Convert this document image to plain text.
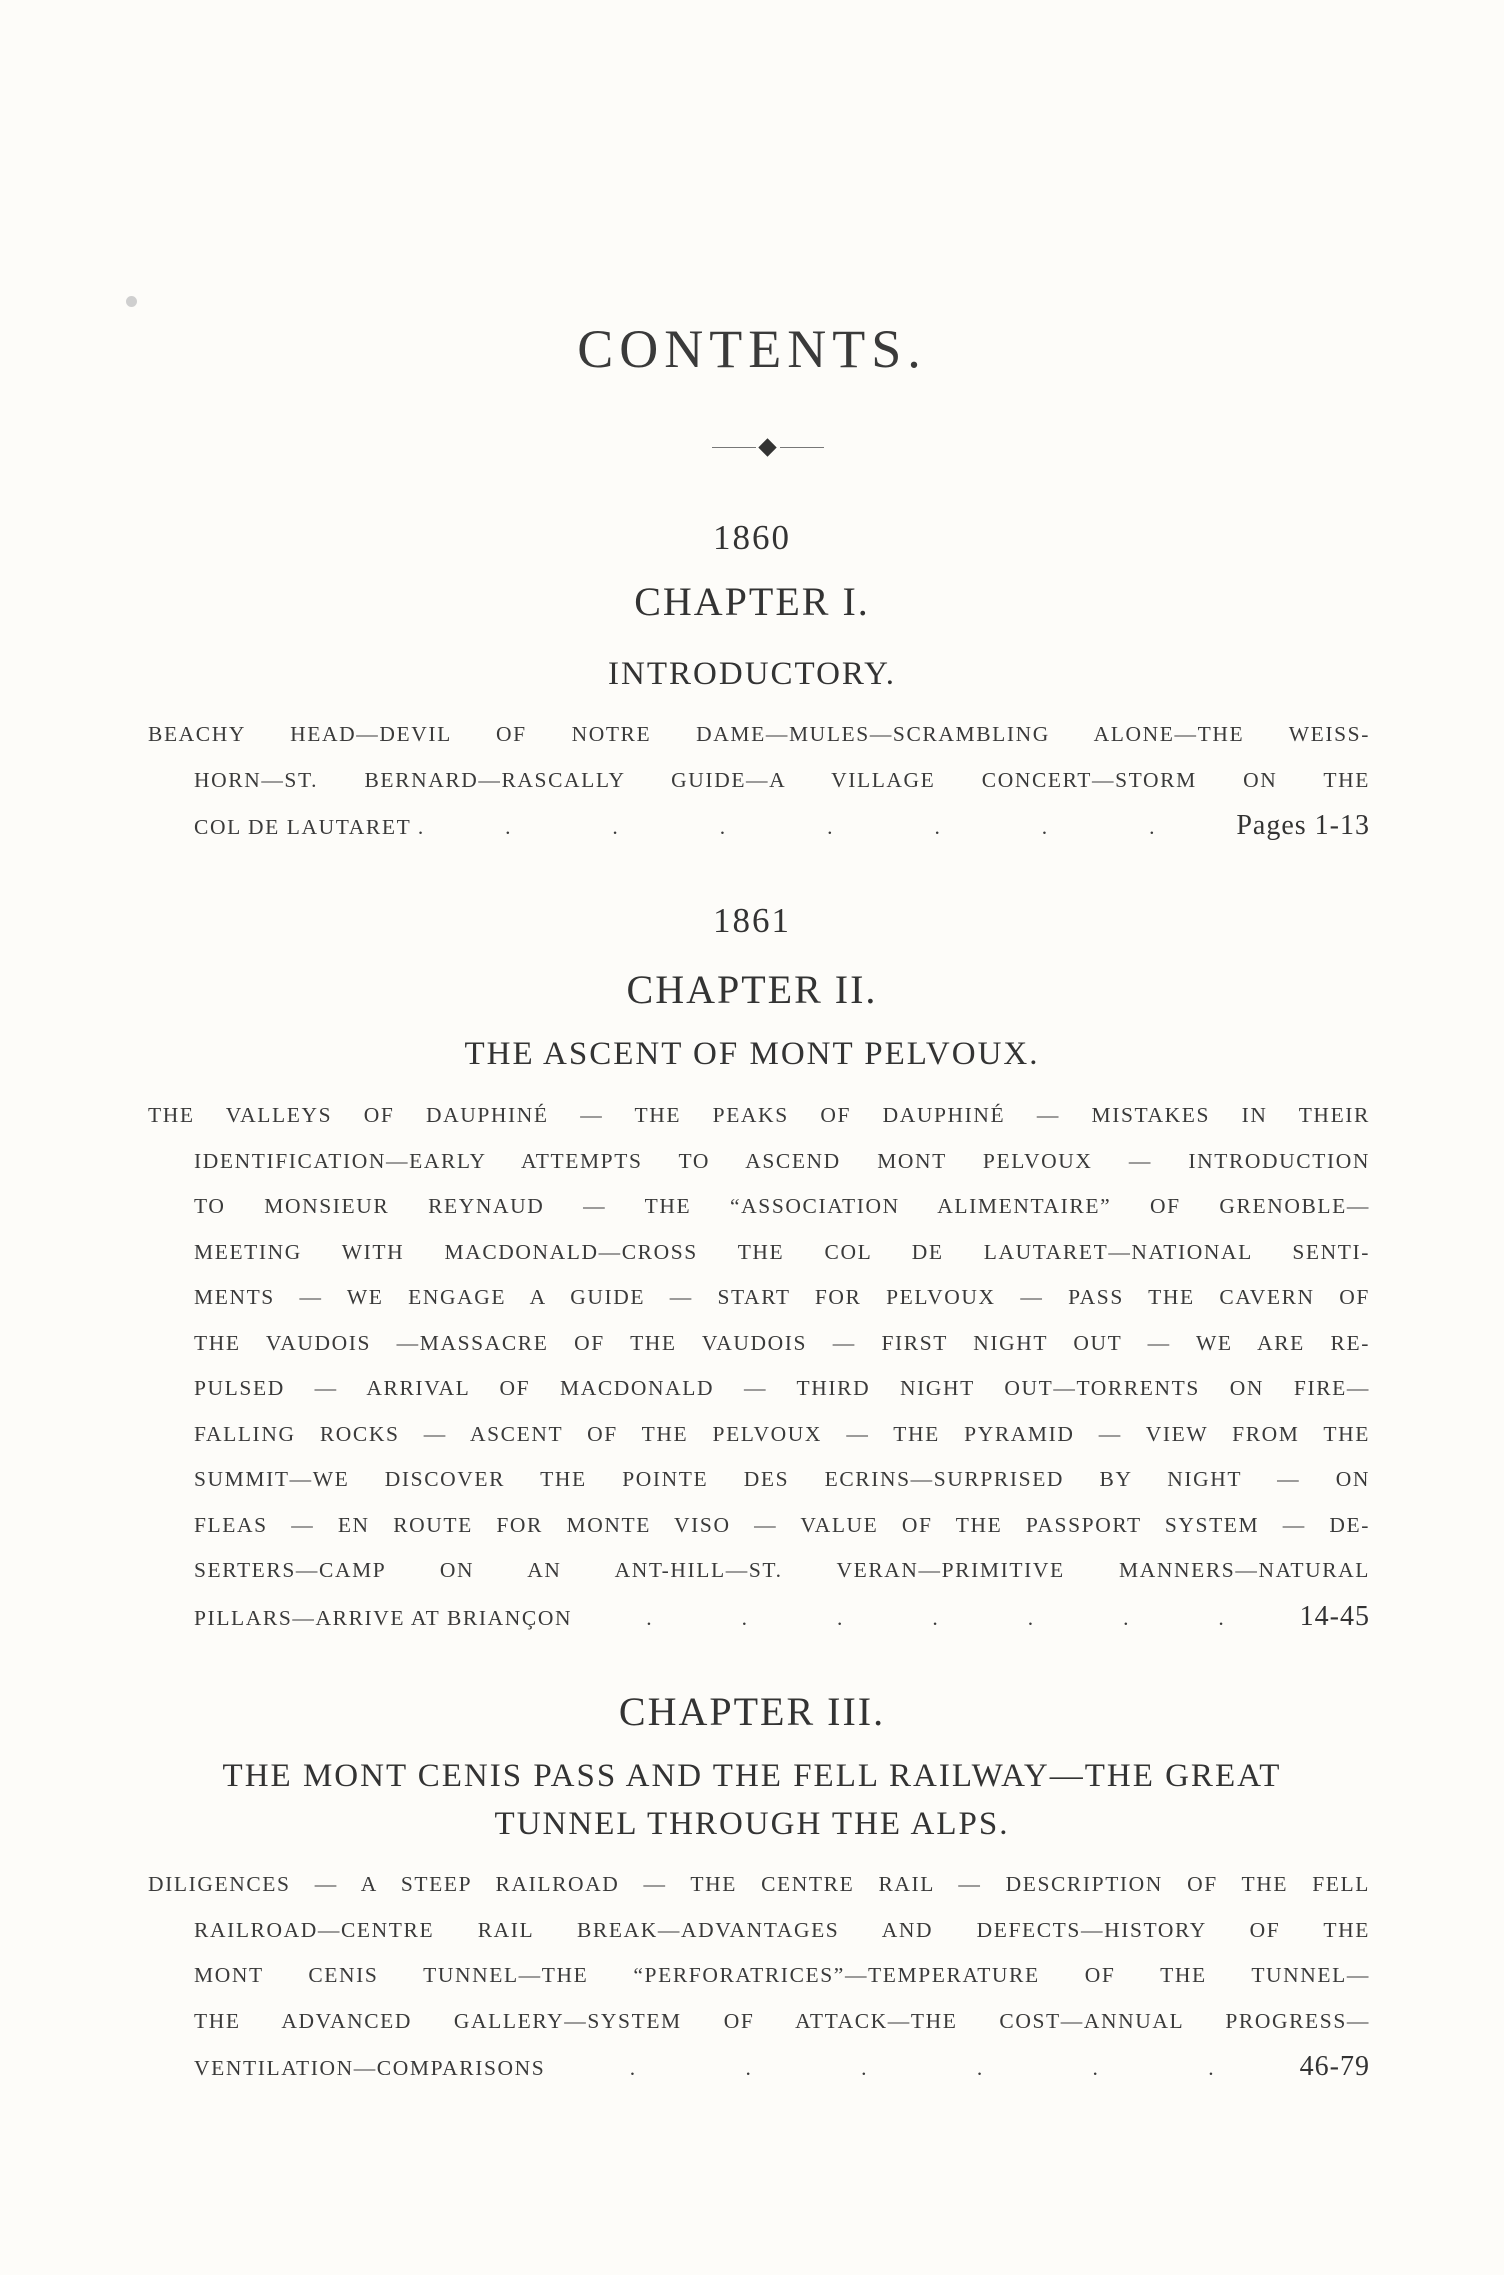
CONTENTS.
1860
CHAPTER I.
INTRODUCTORY.
BEACHY HEAD—DEVIL OF NOTRE DAME—MULES—SCRAMBLING ALONE—THE WEISS-
HORN—ST. BERNARD—RASCALLY GUIDE—A VILLAGE CONCERT—STORM ON THE
COL DE LAUTARET .	.	.	.	.	.	.	.	Pages 1-13
1861
CHAPTER II.
THE ASCENT OF MONT PELVOUX.
THE VALLEYS OF DAUPHINÉ — THE PEAKS OF DAUPHINÉ — MISTAKES IN THEIR
IDENTIFICATION—EARLY ATTEMPTS TO ASCEND MONT PELVOUX — INTRODUCTION
TO MONSIEUR REYNAUD — THE “ASSOCIATION ALIMENTAIRE” OF GRENOBLE—
MEETING WITH MACDONALD—CROSS THE COL DE LAUTARET—NATIONAL SENTI-
MENTS — WE ENGAGE A GUIDE — START FOR PELVOUX — PASS THE CAVERN OF
THE VAUDOIS —MASSACRE OF THE VAUDOIS — FIRST NIGHT OUT — WE ARE RE-
PULSED — ARRIVAL OF MACDONALD — THIRD NIGHT OUT—TORRENTS ON FIRE—
FALLING ROCKS — ASCENT OF THE PELVOUX — THE PYRAMID — VIEW FROM THE
SUMMIT—WE DISCOVER THE POINTE DES ECRINS—SURPRISED BY NIGHT — ON
FLEAS — EN ROUTE FOR MONTE VISO — VALUE OF THE PASSPORT SYSTEM — DE-
SERTERS—CAMP ON AN ANT-HILL—ST. VERAN—PRIMITIVE MANNERS—NATURAL
PILLARS—ARRIVE AT BRIANÇON	.	.	.	.	.	.	.	14-45
CHAPTER III.
THE MONT CENIS PASS AND THE FELL RAILWAY—THE GREAT
TUNNEL THROUGH THE ALPS.
DILIGENCES — A STEEP RAILROAD — THE CENTRE RAIL — DESCRIPTION OF THE FELL
RAILROAD—CENTRE RAIL BREAK—ADVANTAGES AND DEFECTS—HISTORY OF THE
MONT CENIS TUNNEL—THE “PERFORATRICES”—TEMPERATURE OF THE TUNNEL—
THE ADVANCED GALLERY—SYSTEM OF ATTACK—THE COST—ANNUAL PROGRESS—
VENTILATION—COMPARISONS	.	.	.	.	.	.	46-79
